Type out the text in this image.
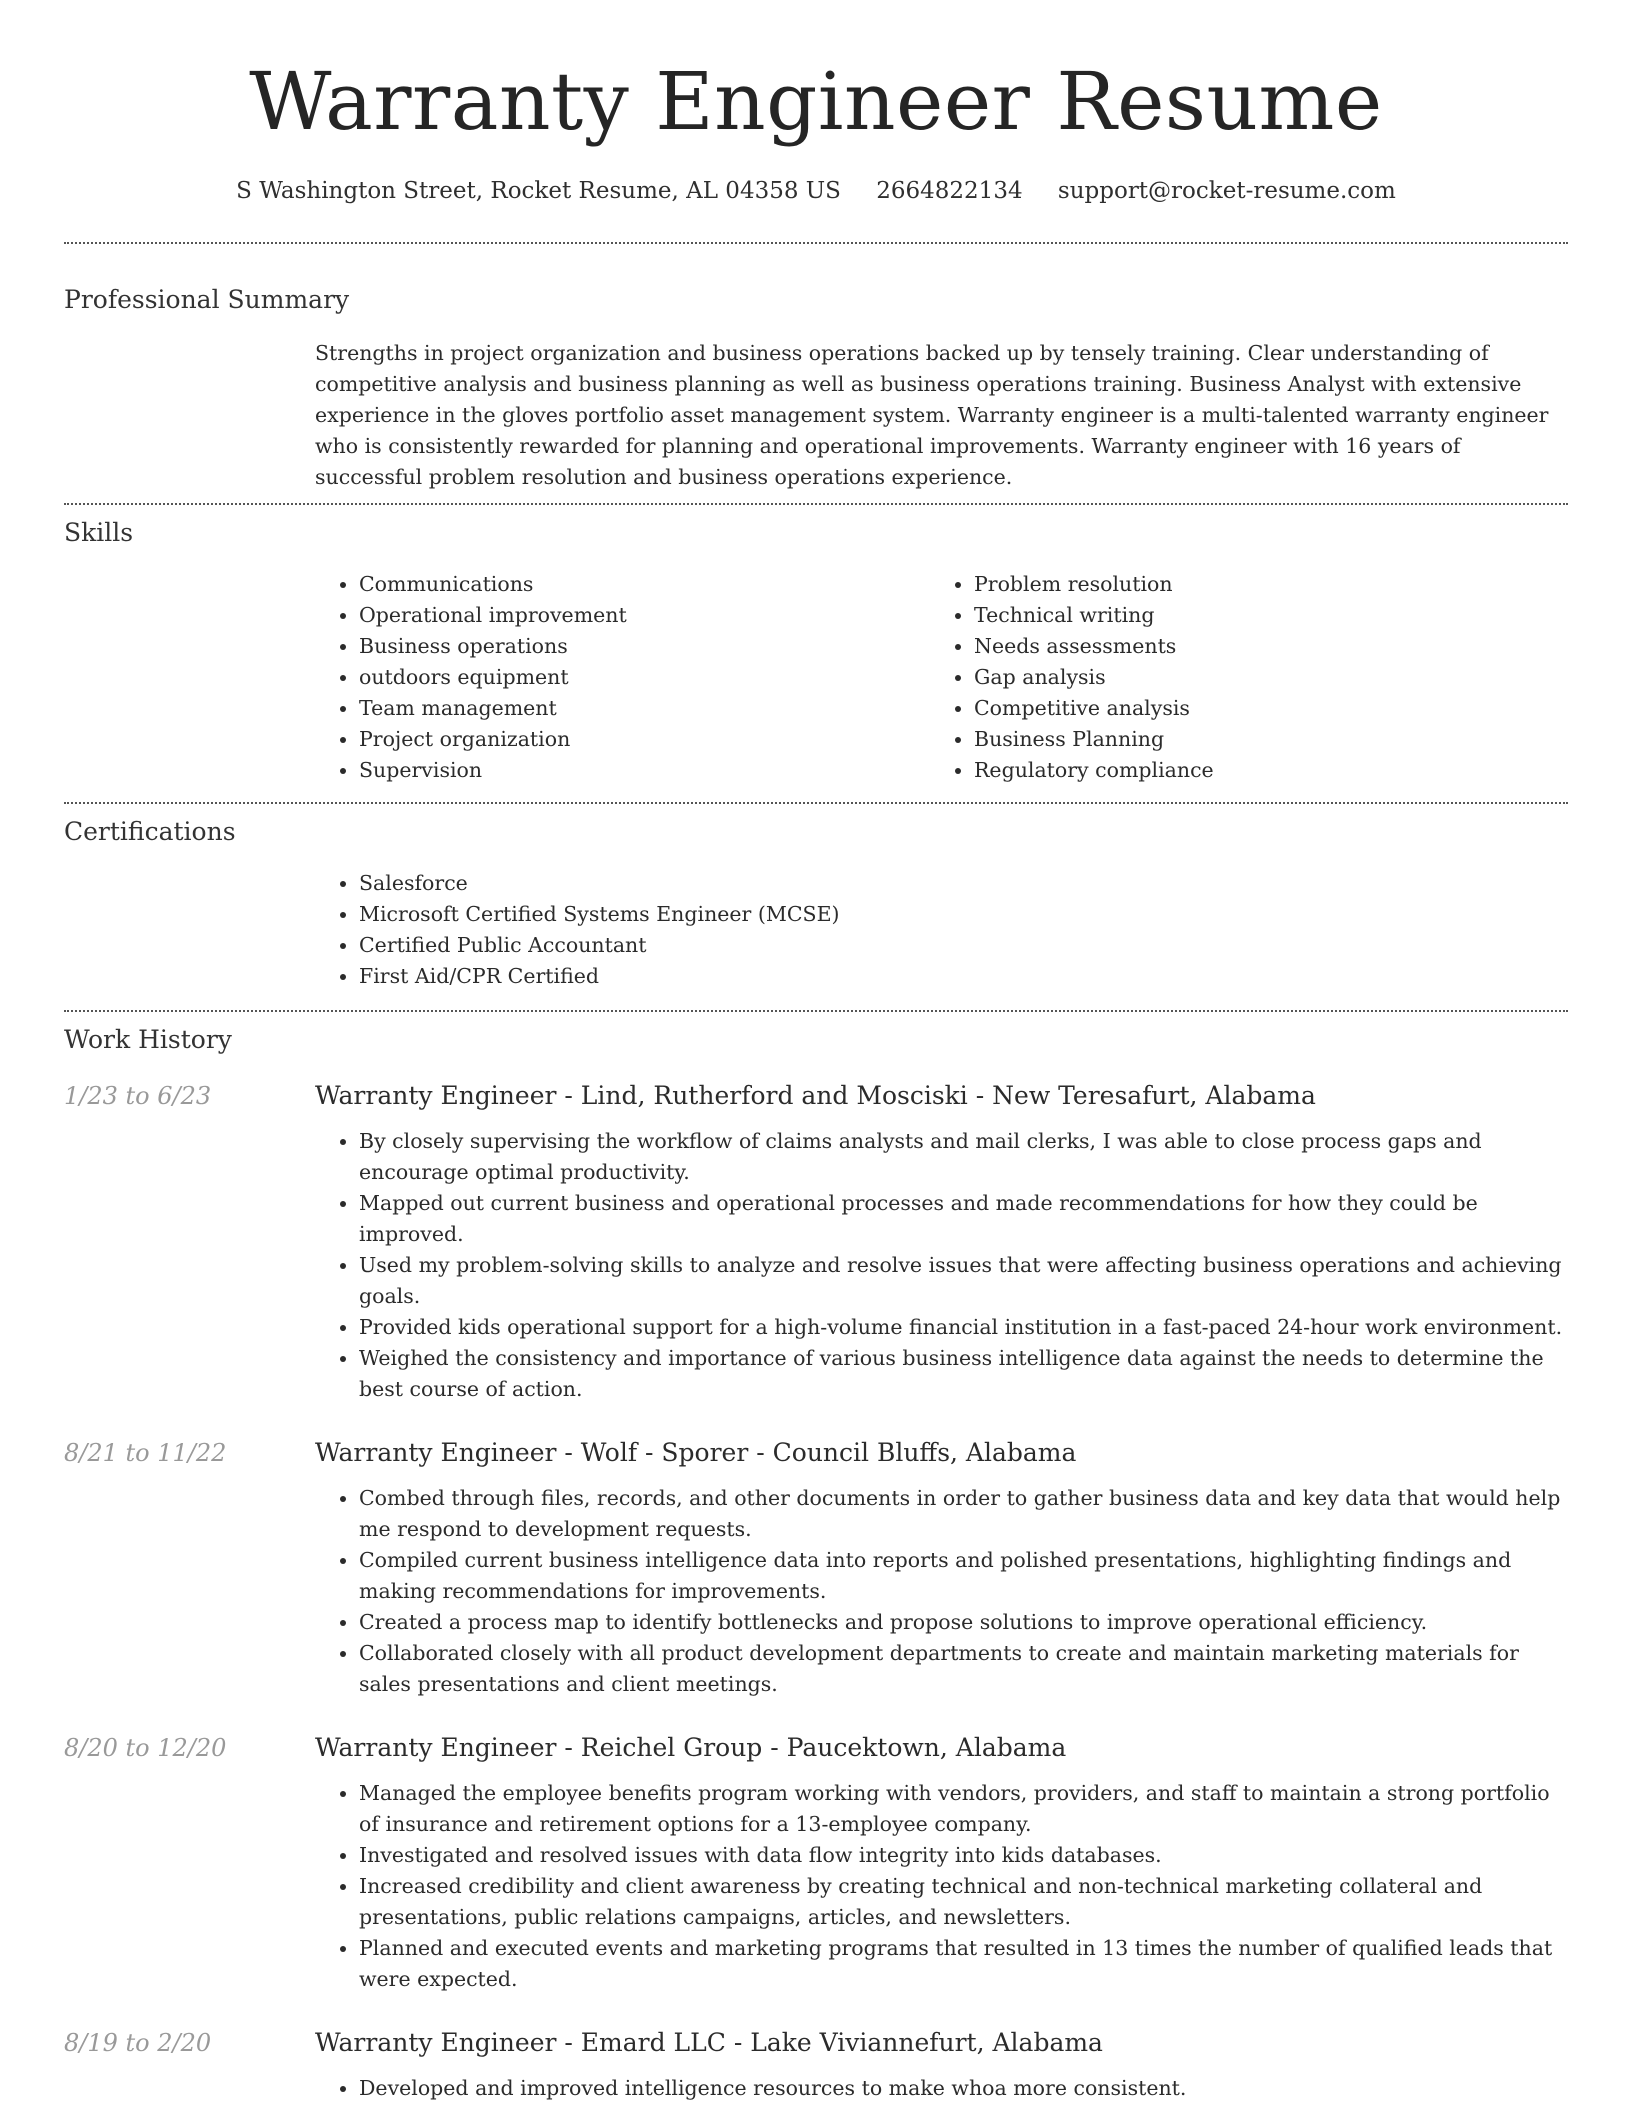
Warranty Engineer Resume
S Washington Street, Rocket Resume, AL 04358 US 2664822134 support@rocket-resume.com
Professional Summary
Strengths in project organization and business operations backed up by tensely training. Clear understanding of competitive analysis and business planning as well as business operations training. Business Analyst with extensive experience in the gloves portfolio asset management system. Warranty engineer is a multi-talented warranty engineer who is consistently rewarded for planning and operational improvements. Warranty engineer with 16 years of successful problem resolution and business operations experience.
Skills
• Communications
• Operational improvement
• Business operations
• outdoors equipment
• Team management
• Project organization
• Supervision
• Problem resolution
• Technical writing
• Needs assessments
• Gap analysis
• Competitive analysis
• Business Planning
• Regulatory compliance
Certifications
• Salesforce
• Microsoft Certified Systems Engineer (MCSE)
• Certified Public Accountant
• First Aid/CPR Certified
Work History
1/23 to 6/23	Warranty Engineer - Lind, Rutherford and Mosciski - New Teresafurt, Alabama
• By closely supervising the workflow of claims analysts and mail clerks, I was able to close process gaps and encourage optimal productivity.
• Mapped out current business and operational processes and made recommendations for how they could be improved.
• Used my problem-solving skills to analyze and resolve issues that were affecting business operations and achieving goals.
• Provided kids operational support for a high-volume financial institution in a fast-paced 24-hour work environment.
• Weighed the consistency and importance of various business intelligence data against the needs to determine the best course of action.
8/21 to 11/22	Warranty Engineer - Wolf - Sporer - Council Bluffs, Alabama
• Combed through files, records, and other documents in order to gather business data and key data that would help me respond to development requests.
• Compiled current business intelligence data into reports and polished presentations, highlighting findings and making recommendations for improvements.
• Created a process map to identify bottlenecks and propose solutions to improve operational efficiency.
• Collaborated closely with all product development departments to create and maintain marketing materials for sales presentations and client meetings.
8/20 to 12/20	Warranty Engineer - Reichel Group - Paucektown, Alabama
• Managed the employee benefits program working with vendors, providers, and staff to maintain a strong portfolio of insurance and retirement options for a 13-employee company.
• Investigated and resolved issues with data flow integrity into kids databases.
• Increased credibility and client awareness by creating technical and non-technical marketing collateral and presentations, public relations campaigns, articles, and newsletters.
• Planned and executed events and marketing programs that resulted in 13 times the number of qualified leads that were expected.
8/19 to 2/20	Warranty Engineer - Emard LLC - Lake Viviannefurt, Alabama
• Developed and improved intelligence resources to make whoa more consistent.
